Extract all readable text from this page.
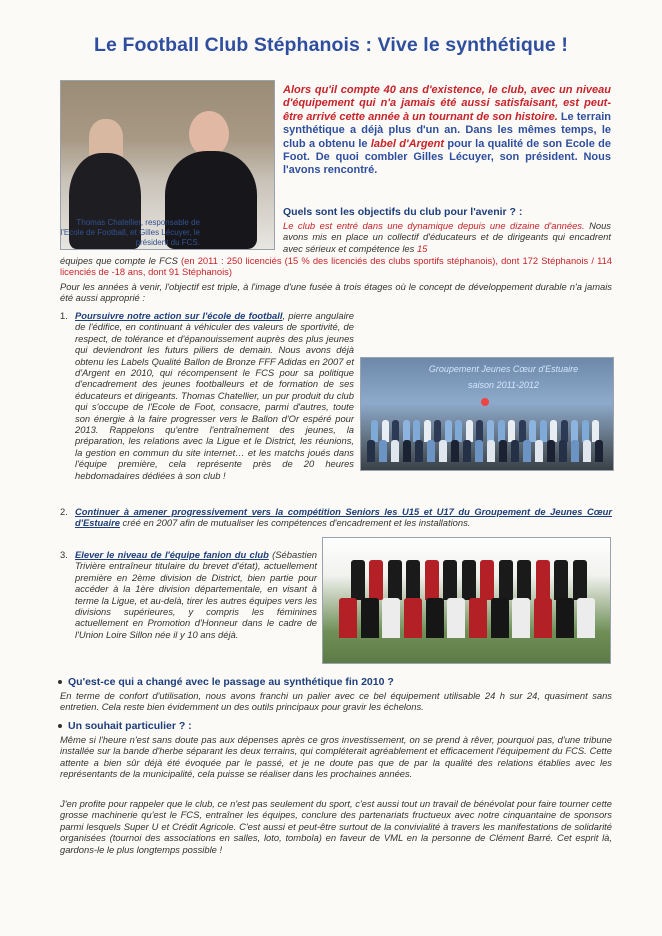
Le Football Club Stéphanois : Vive le synthétique !
Thomas Chatellier, responsable de l'Ecole de Football, et Gilles Lécuyer, le président du FCS.
Alors qu'il compte 40 ans d'existence, le club, avec un niveau d'équipement qui n'a jamais été aussi satisfaisant, est peut-être arrivé cette année à un tournant de son histoire. Le terrain synthétique a déjà plus d'un an. Dans les mêmes temps, le club a obtenu le label d'Argent pour la qualité de son Ecole de Foot. De quoi combler Gilles Lécuyer, son président. Nous l'avons rencontré.
Quels sont les objectifs du club pour l'avenir ? :
Le club est entré dans une dynamique depuis une dizaine d'années. Nous avons mis en place un collectif d'éducateurs et de dirigeants qui encadrent avec sérieux et compétence les 15
équipes que compte le FCS (en 2011 : 250 licenciés (15 % des licenciés des clubs sportifs stéphanois), dont 172 Stéphanois / 114 licenciés de -18 ans, dont 91 Stéphanois)
Pour les années à venir, l'objectif est triple, à l'image d'une fusée à trois étages où le concept de développement durable n'a jamais été aussi approprié :
1. Poursuivre notre action sur l'école de football, pierre angulaire de l'édifice, en continuant à véhiculer des valeurs de sportivité, de respect, de tolérance et d'épanouissement auprès des plus jeunes qui deviendront les futurs piliers de demain. Nous avons déjà obtenu les Labels Qualité Ballon de Bronze FFF Adidas en 2007 et d'Argent en 2010, qui récompensent le FCS pour sa politique d'encadrement des jeunes footballeurs et de formation de ses éducateurs et dirigeants. Thomas Chatellier, un pur produit du club qui s'occupe de l'Ecole de Foot, consacre, parmi d'autres, toute son énergie à la faire progresser vers le Ballon d'Or espéré pour 2013. Rappelons qu'entre l'entraînement des jeunes, la préparation, les relations avec la Ligue et le District, les réunions, la gestion en commun du site internet… et les matchs joués dans l'équipe première, cela représente près de 20 heures hebdomadaires dédiées à son club !
Groupement Jeunes Cœur d'Estuaire
saison 2011-2012
2. Continuer à amener progressivement vers la compétition Seniors les U15 et U17 du Groupement de Jeunes Cœur d'Estuaire créé en 2007 afin de mutualiser les compétences d'encadrement et les installations.
3. Elever le niveau de l'équipe fanion du club (Sébastien Trivière entraîneur titulaire du brevet d'état), actuellement première en 2ème division de District, bien partie pour accéder à la 1ère division départementale, en visant à terme la Ligue, et au-delà, tirer les autres équipes vers les divisions supérieures, y compris les féminines actuellement en Promotion d'Honneur dans le cadre de l'Union Loire Sillon née il y 10 ans déjà.
Qu'est-ce qui a changé avec le passage au synthétique fin 2010 ?
En terme de confort d'utilisation, nous avons franchi un palier avec ce bel équipement utilisable 24 h sur 24, quasiment sans entretien. Cela reste bien évidemment un des outils principaux pour gravir les échelons.
Un souhait particulier ? :
Même si l'heure n'est sans doute pas aux dépenses après ce gros investissement, on se prend à rêver, pourquoi pas, d'une tribune installée sur la bande d'herbe séparant les deux terrains, qui compléterait agréablement et efficacement l'équipement du FCS. Cette attente a bien sûr déjà été évoquée par le passé, et je ne doute pas que de par la qualité des relations établies avec les représentants de la municipalité, cela puisse se réaliser dans les prochaines années.
J'en profite pour rappeler que le club, ce n'est pas seulement du sport, c'est aussi tout un travail de bénévolat pour faire tourner cette grosse machinerie qu'est le FCS, entraîner les équipes, conclure des partenariats fructueux avec notre cinquantaine de sponsors parmi lesquels Super U et Crédit Agricole. C'est aussi et peut-être surtout de la convivialité à travers les manifestations de solidarité organisées (tournoi des associations en salles, loto, tombola) en faveur de VML en la personne de Clément Barré. Cet esprit là, gardons-le le plus longtemps possible !
